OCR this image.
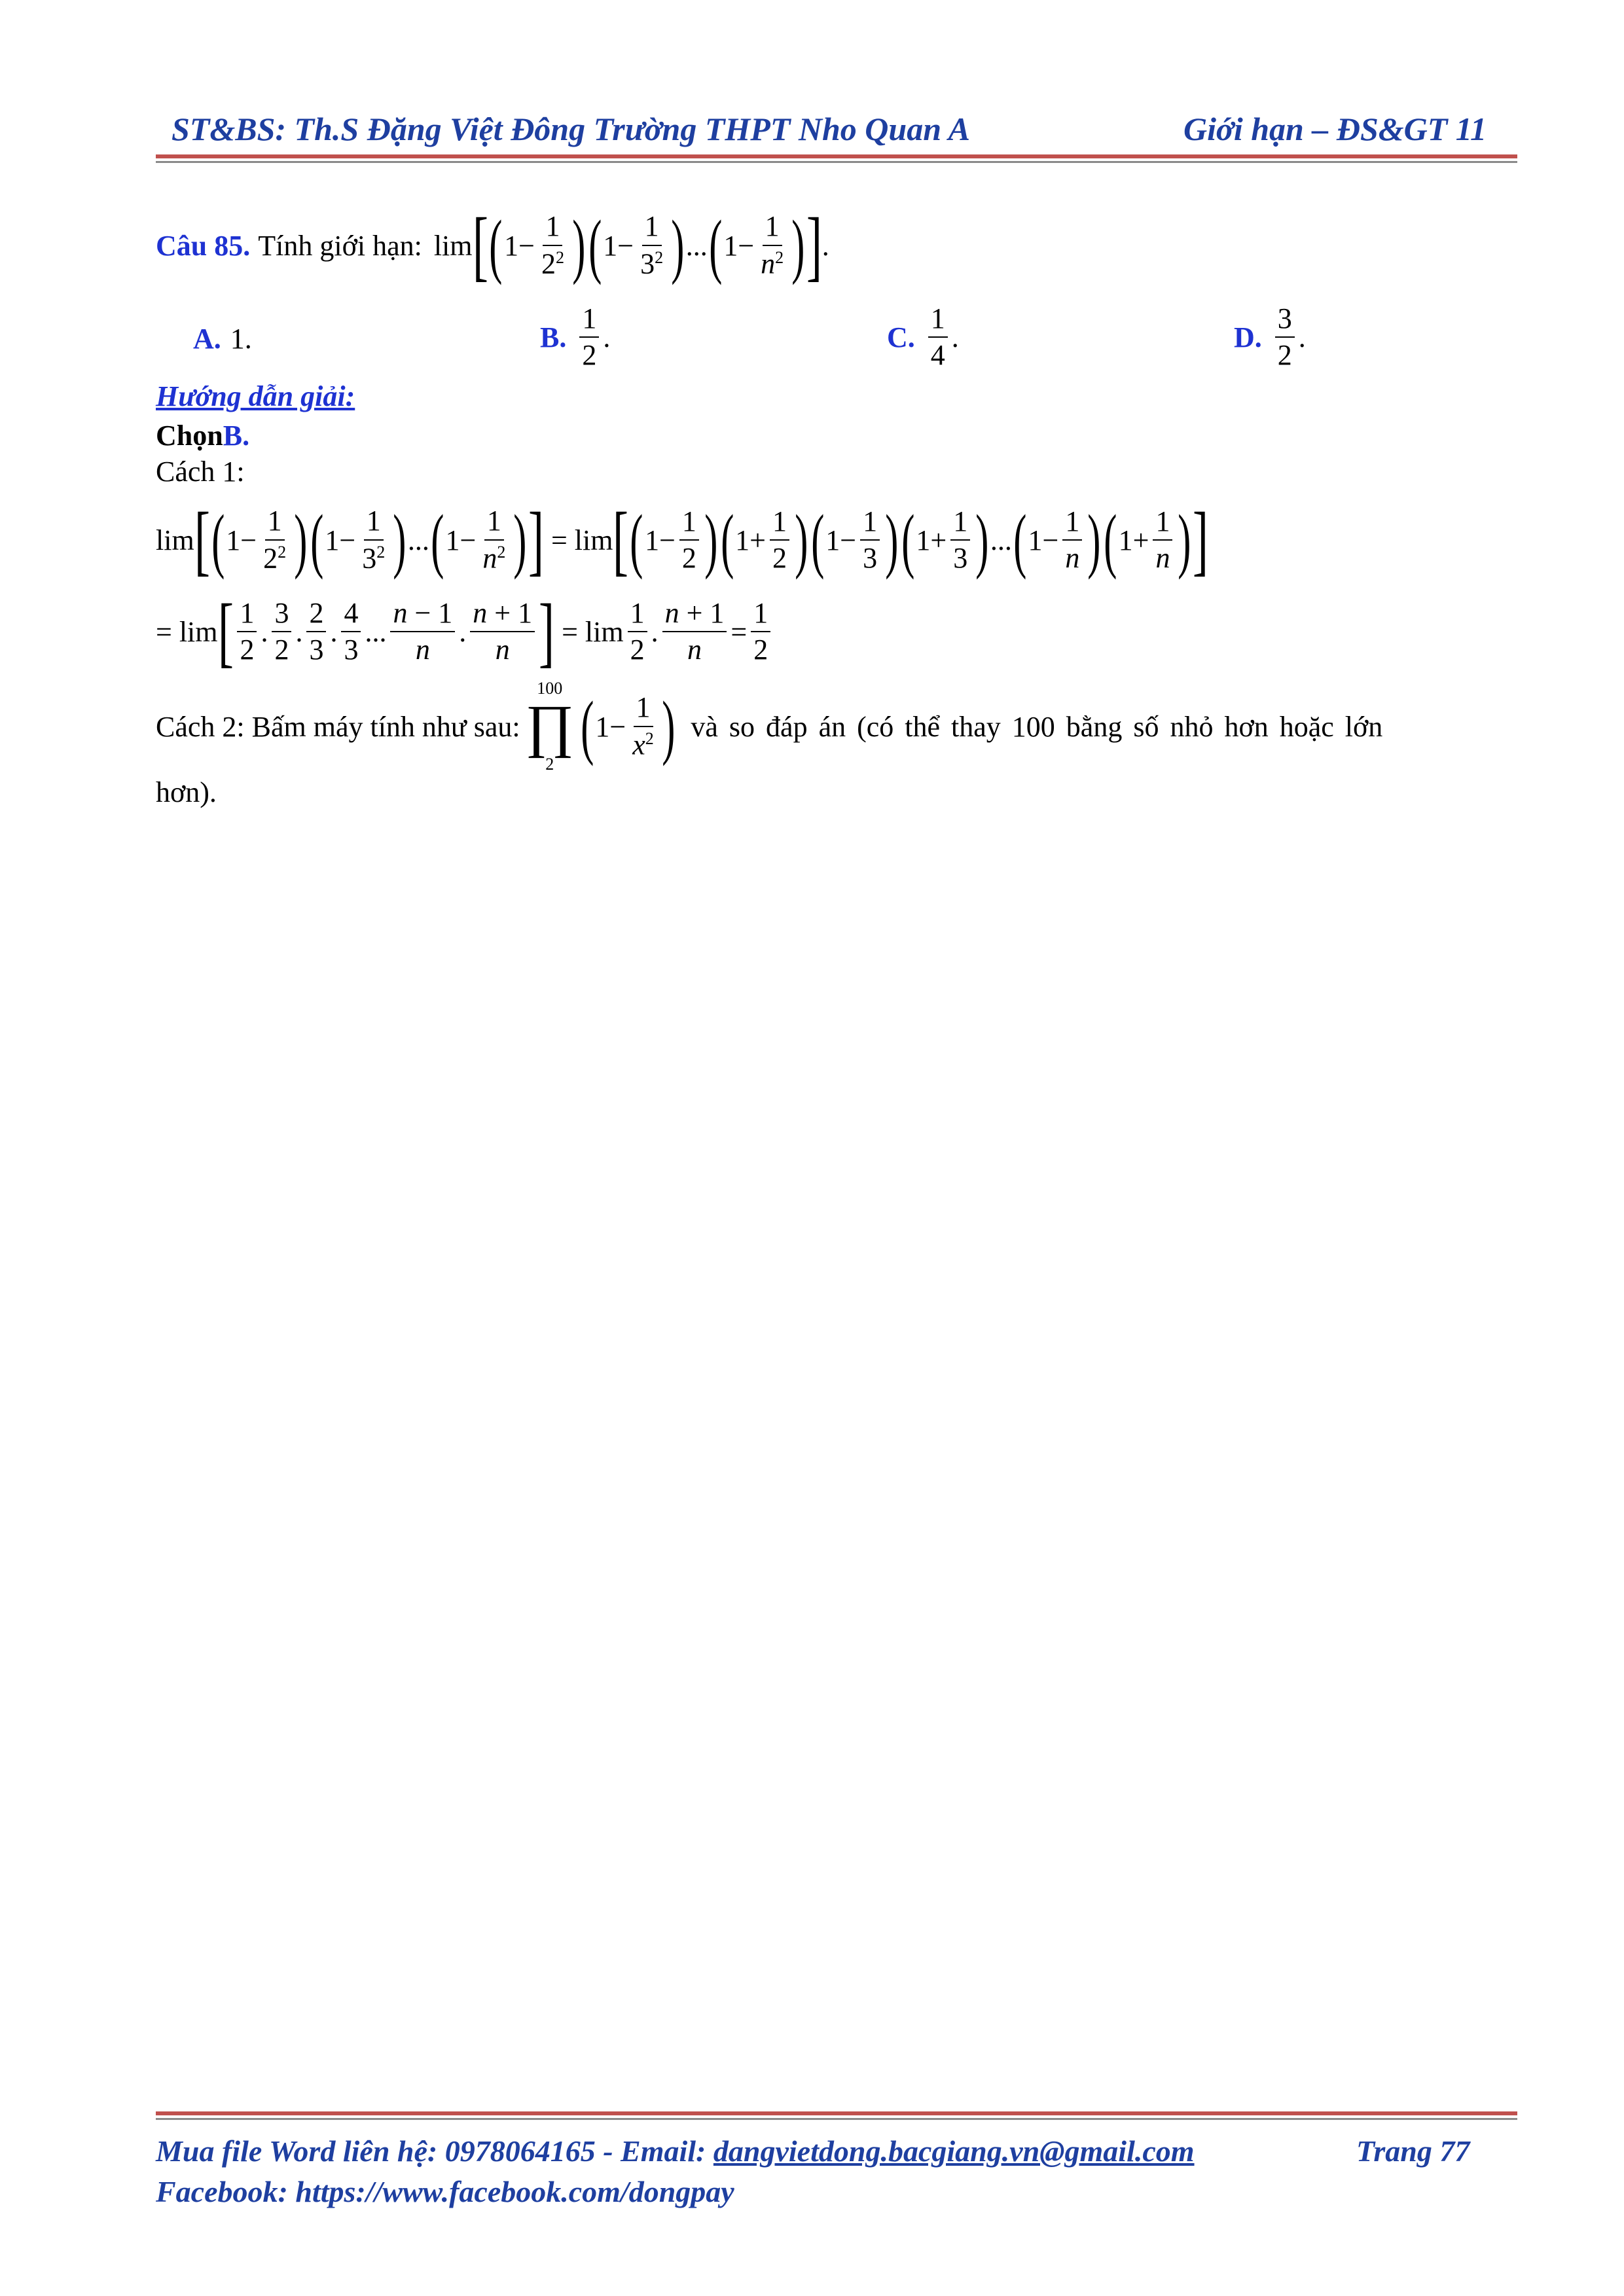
ST&BS: Th.S Đặng Việt Đông Trường THPT Nho Quan A	Giới hạn – ĐS&GT 11
Câu 85. Tính giới hạn: lim [ ( 1−
1
$2^2$ ) ( 1−
1
$3^2$ ) ... ( 1−
1
$n^2$ ) ] .
A. 1 .	B. $\frac{1}{2}$ .	C. $\frac{1}{4}$ .	D. $\frac{3}{2}$ .
Hướng dẫn giải:
Chọn B.
Cách 1:
lim [ ( 1−
1
$2^2$ ) ( 1−
1
$3^2$ ) ... ( 1−
1
$n^2$ ) ] = lim [ ( 1−
1
2 ) ( 1+
1
2 ) ( 1−
1
3 ) ( 1+
1
3 ) ... ( 1−
1
n ) ( 1+
1
n ) ]
= lim [ 1
2
.
3
2
.
2
3
.
4
3
...
n − 1
n
.
n + 1
n ] = lim
1
2
.
n + 1
n
=
1
2
Cách 2: Bấm máy tính như sau:
100
∏
2 ( 1−
1
$x^2$ ) và so đáp án (có thể thay 100 bằng số nhỏ hơn hoặc lớn
hơn).
Mua file Word liên hệ: 0978064165 - Email: dangvietdong.bacgiang.vn@gmail.com	Trang 77
Facebook: https://www.facebook.com/dongpay
